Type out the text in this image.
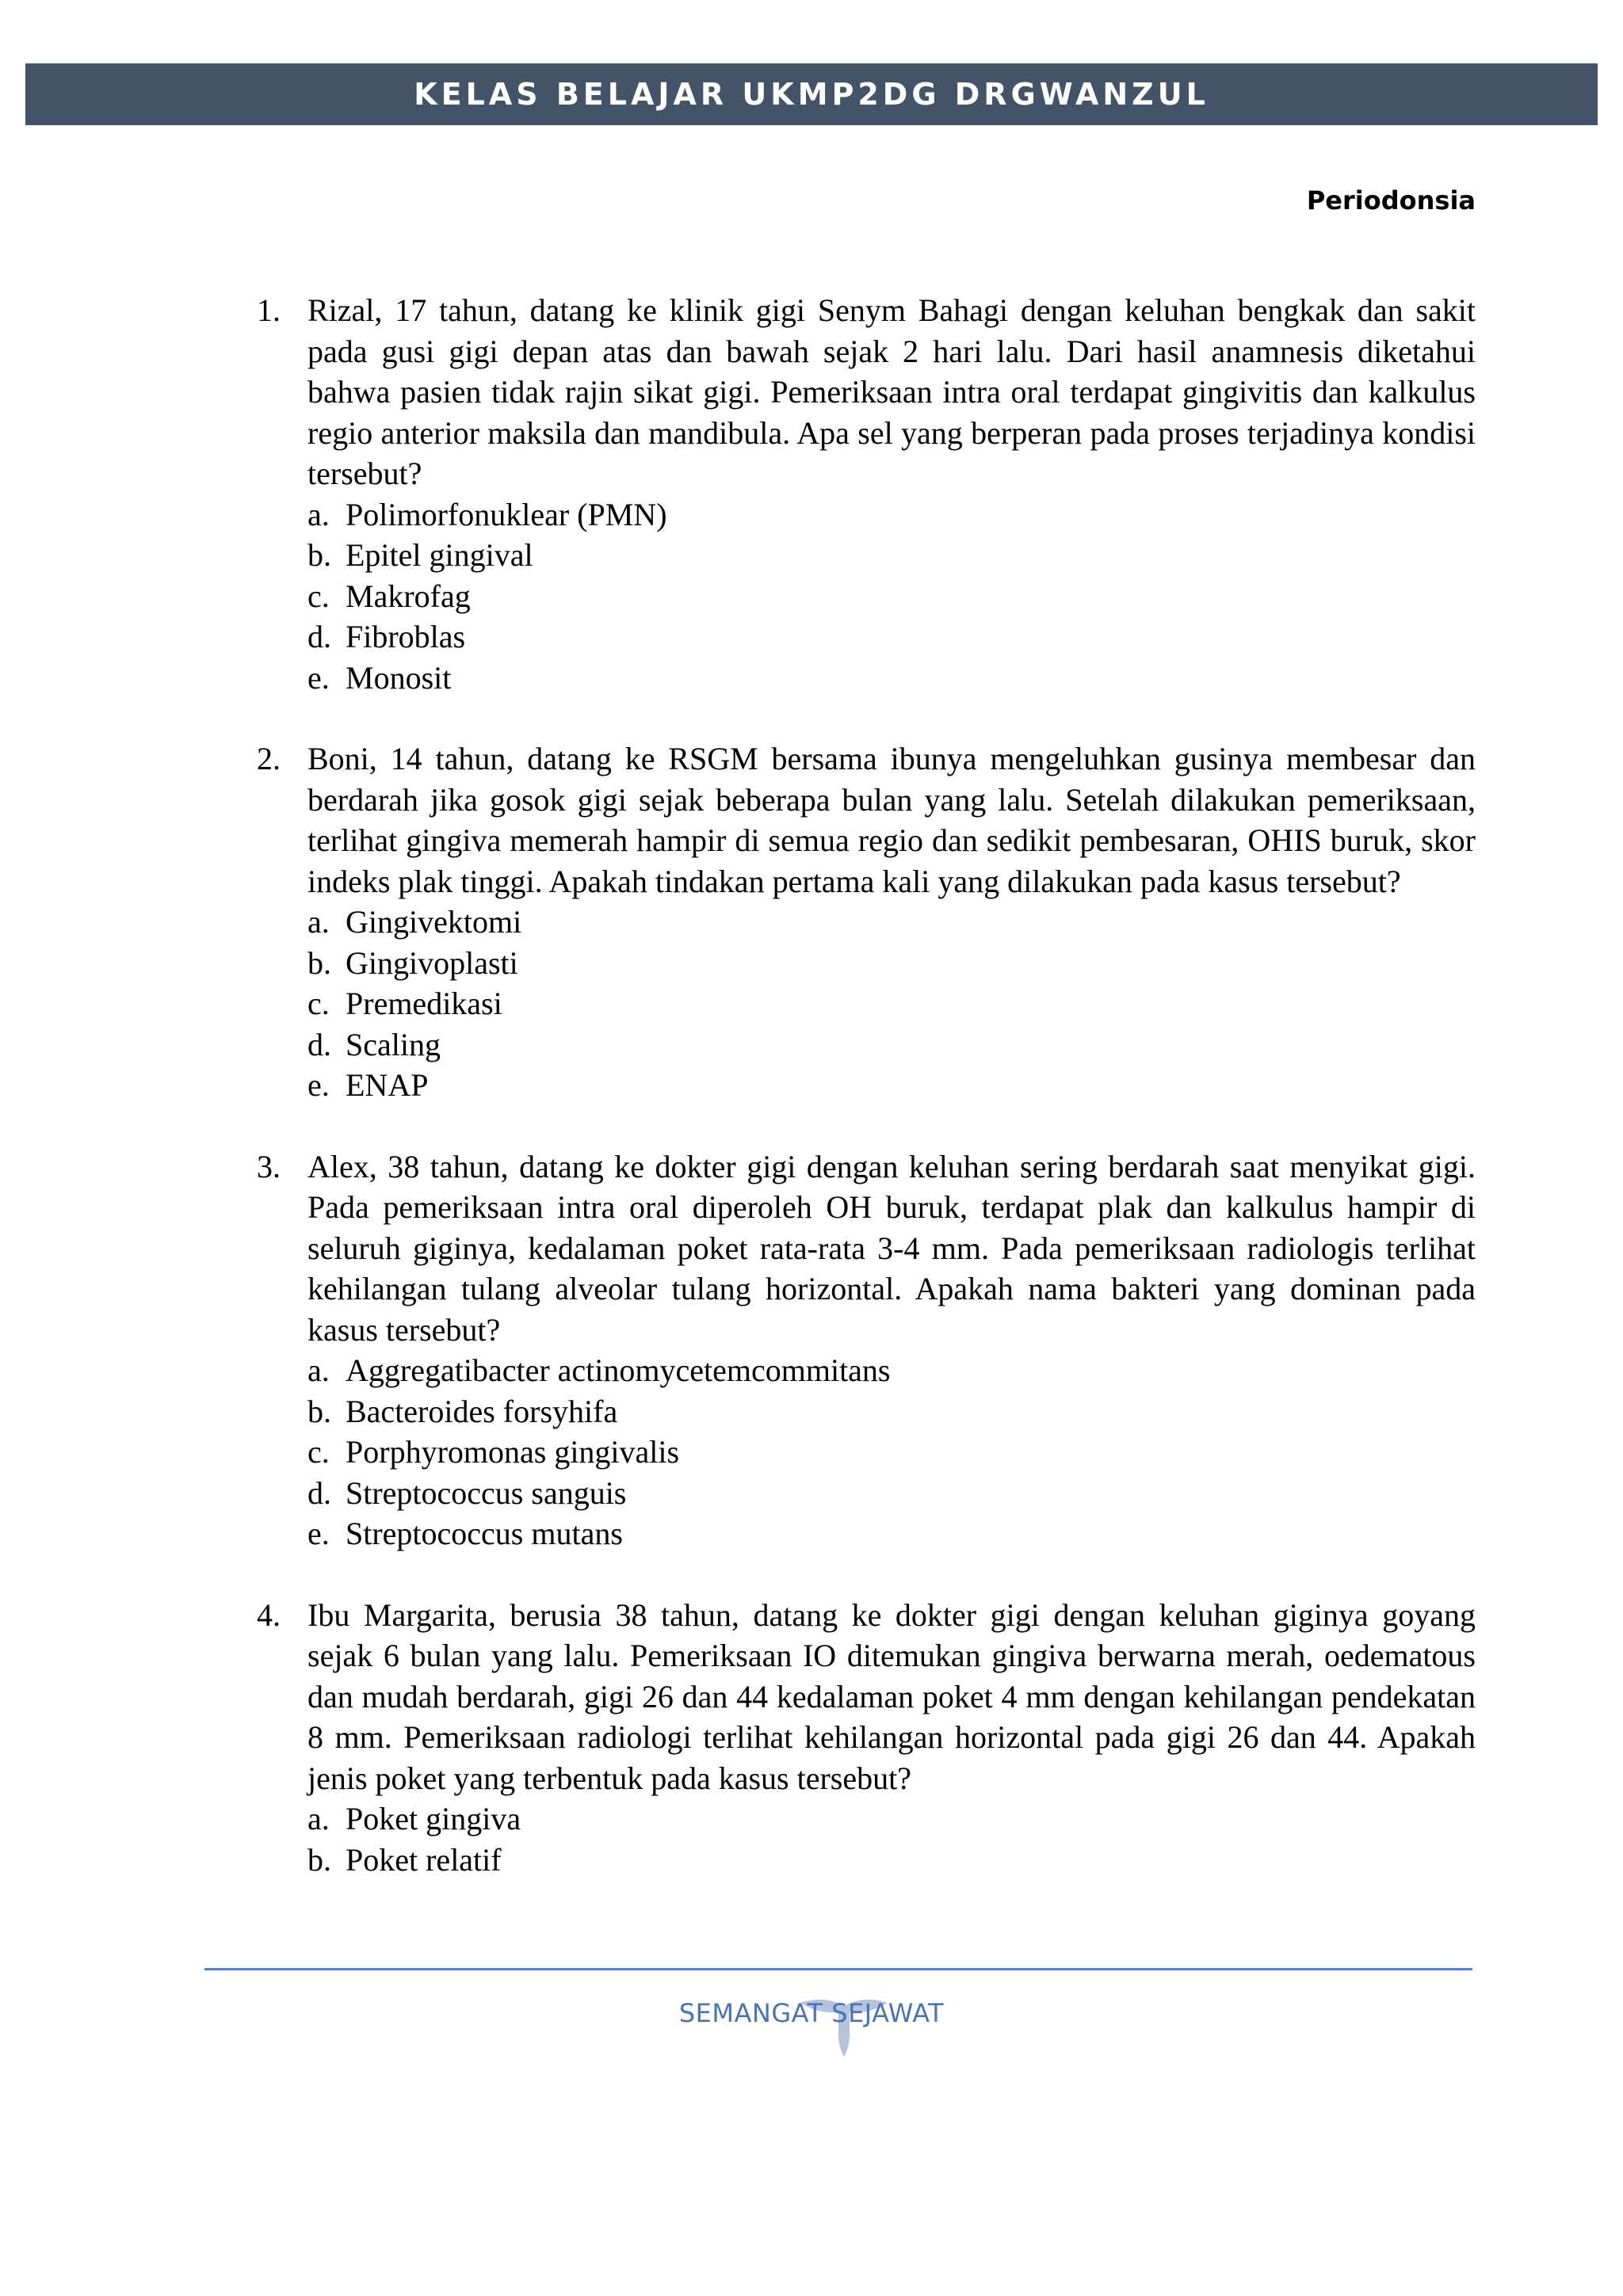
KELAS BELAJAR UKMP2DG DRGWANZUL
Periodonsia
1. Rizal, 17 tahun, datang ke klinik gigi Senym Bahagi dengan keluhan bengkak dan sakit pada gusi gigi depan atas dan bawah sejak 2 hari lalu. Dari hasil anamnesis diketahui bahwa pasien tidak rajin sikat gigi. Pemeriksaan intra oral terdapat gingivitis dan kalkulus regio anterior maksila dan mandibula. Apa sel yang berperan pada proses terjadinya kondisi tersebut?

a. Polimorfonuklear (PMN)
b. Epitel gingival
c. Makrofag
d. Fibroblas
e. Monosit
2. Boni, 14 tahun, datang ke RSGM bersama ibunya mengeluhkan gusinya membesar dan berdarah jika gosok gigi sejak beberapa bulan yang lalu. Setelah dilakukan pemeriksaan, terlihat gingiva memerah hampir di semua regio dan sedikit pembesaran, OHIS buruk, skor indeks plak tinggi. Apakah tindakan pertama kali yang dilakukan pada kasus tersebut?

a. Gingivektomi
b. Gingivoplasti
c. Premedikasi
d. Scaling
e. ENAP
3. Alex, 38 tahun, datang ke dokter gigi dengan keluhan sering berdarah saat menyikat gigi. Pada pemeriksaan intra oral diperoleh OH buruk, terdapat plak dan kalkulus hampir di seluruh giginya, kedalaman poket rata-rata 3-4 mm. Pada pemeriksaan radiologis terlihat kehilangan tulang alveolar tulang horizontal. Apakah nama bakteri yang dominan pada kasus tersebut?

a. Aggregatibacter actinomycetemcommitans
b. Bacteroides forsyhifa
c. Porphyromonas gingivalis
d. Streptococcus sanguis
e. Streptococcus mutans
4. Ibu Margarita, berusia 38 tahun, datang ke dokter gigi dengan keluhan giginya goyang sejak 6 bulan yang lalu. Pemeriksaan IO ditemukan gingiva berwarna merah, oedematous dan mudah berdarah, gigi 26 dan 44 kedalaman poket 4 mm dengan kehilangan pendekatan 8 mm. Pemeriksaan radiologi terlihat kehilangan horizontal pada gigi 26 dan 44. Apakah jenis poket yang terbentuk pada kasus tersebut?

a. Poket gingiva
b. Poket relatif
SEMANGAT SEJAWAT
